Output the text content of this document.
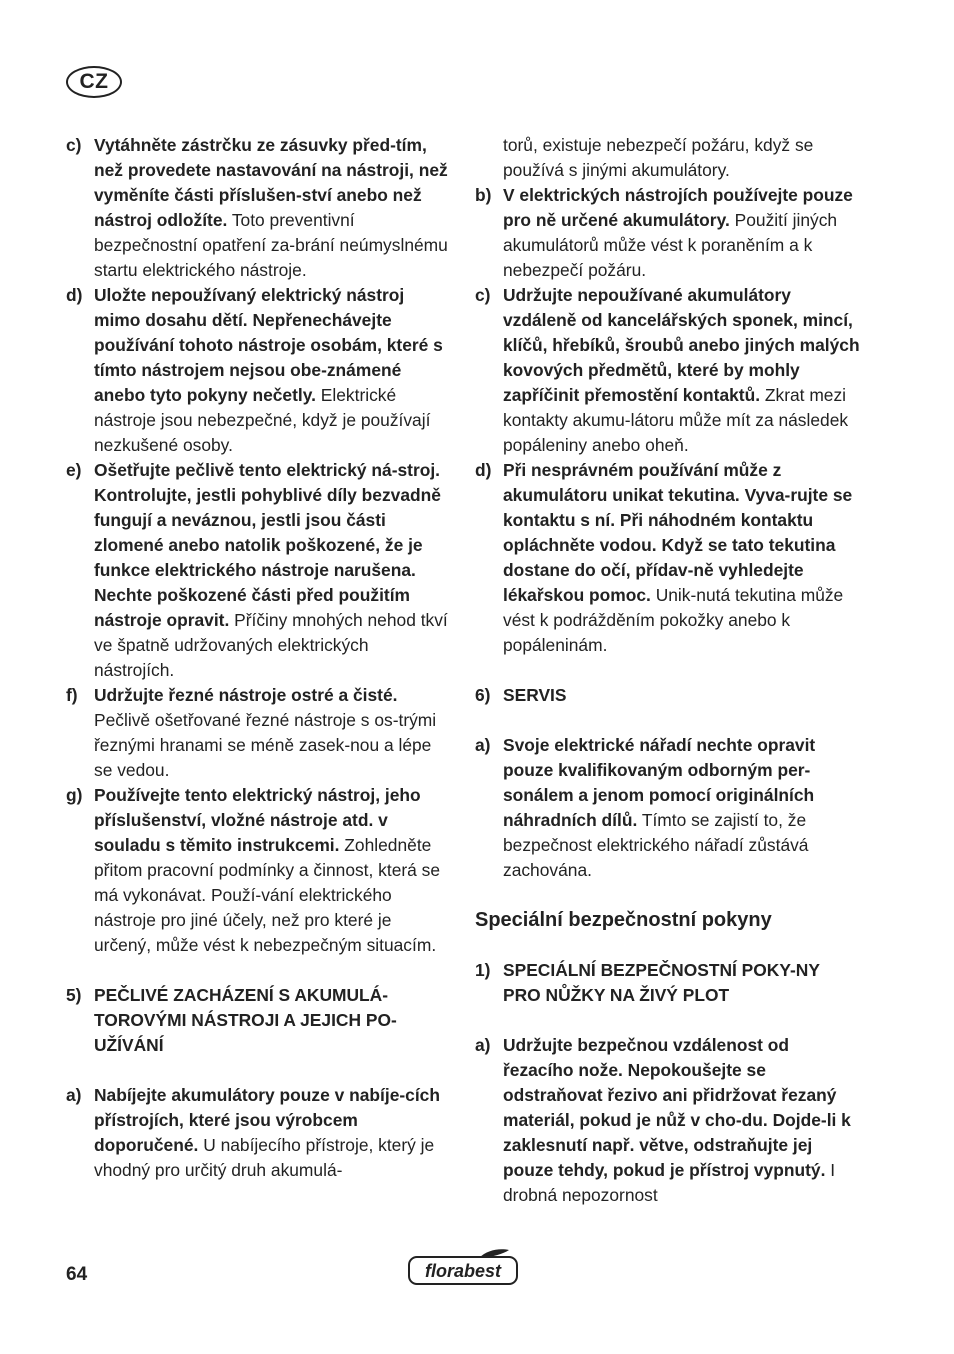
CZ
c) Vytáhněte zástrčku ze zásuvky před-tím, než provedete nastavování na nástroji, než vyměníte části příslušen-ství anebo než nástroj odložíte. Toto preventivní bezpečnostní opatření za-brání neúmyslnému startu elektrického nástroje.
d) Uložte nepoužívaný elektrický nástroj mimo dosahu dětí. Nepřenechávejte používání tohoto nástroje osobám, které s tímto nástrojem nejsou obe-známené anebo tyto pokyny nečetly. Elektrické nástroje jsou nebezpečné, když je používají nezkušené osoby.
e) Ošetřujte pečlivě tento elektrický ná-stroj. Kontrolujte, jestli pohyblivé díly bezvadně fungují a neváznou, jestli jsou části zlomené anebo natolik poškozené, že je funkce elektrického nástroje narušena. Nechte poškozené části před použitím nástroje opravit. Příčiny mnohých nehod tkví ve špatně udržovaných elektrických nástrojích.
f) Udržujte řezné nástroje ostré a čisté. Pečlivě ošetřované řezné nástroje s os-trými řeznými hranami se méně zasek-nou a lépe se vedou.
g) Používejte tento elektrický nástroj, jeho příslušenství, vložné nástroje atd. v souladu s těmito instrukcemi. Zohledněte přitom pracovní podmínky a činnost, která se má vykonávat. Použí-vání elektrického nástroje pro jiné účely, než pro které je určený, může vést k nebezpečným situacím.
5) PEČLIVÉ ZACHÁZENÍ S AKUMULÁ-TOROVÝMI NÁSTROJI A JEJICH PO-UŽÍVÁNÍ
a) Nabíjejte akumulátory pouze v nabíje-cích přístrojích, které jsou výrobcem doporučené. U nabíjecího přístroje, který je vhodný pro určitý druh akumulá-
torů, existuje nebezpečí požáru, když se používá s jinými akumulátory.
b) V elektrických nástrojích používejte pouze pro ně určené akumulátory. Použití jiných akumulátorů může vést k poraněním a k nebezpečí požáru.
c) Udržujte nepoužívané akumulátory vzdáleně od kancelářských sponek, mincí, klíčů, hřebíků, šroubů anebo jiných malých kovových předmětů, které by mohly zapříčinit přemostění kontaktů. Zkrat mezi kontakty akumu-látoru může mít za následek popáleniny anebo oheň.
d) Při nesprávném používání může z akumulátoru unikat tekutina. Vyva-rujte se kontaktu s ní. Při náhodném kontaktu opláchněte vodou. Když se tato tekutina dostane do očí, přídav-ně vyhledejte lékařskou pomoc. Unik-nutá tekutina může vést k podrážděním pokožky anebo k popáleninám.
6) SERVIS
a) Svoje elektrické nářadí nechte opravit pouze kvalifikovaným odborným per-sonálem a jenom pomocí originálních náhradních dílů. Tímto se zajistí to, že bezpečnost elektrického nářadí zůstává zachována.
Speciální bezpečnostní pokyny
1) SPECIÁLNÍ BEZPEČNOSTNÍ POKY-NY PRO NŮŽKY NA ŽIVÝ PLOT
a) Udržujte bezpečnou vzdálenost od řezacího nože. Nepokoušejte se odstraňovat řezivo ani přidržovat řezaný materiál, pokud je nůž v cho-du. Dojde-li k zaklesnutí např. větve, odstraňujte jej pouze tehdy, pokud je přístroj vypnutý. I drobná nepozornost
64	florabest
